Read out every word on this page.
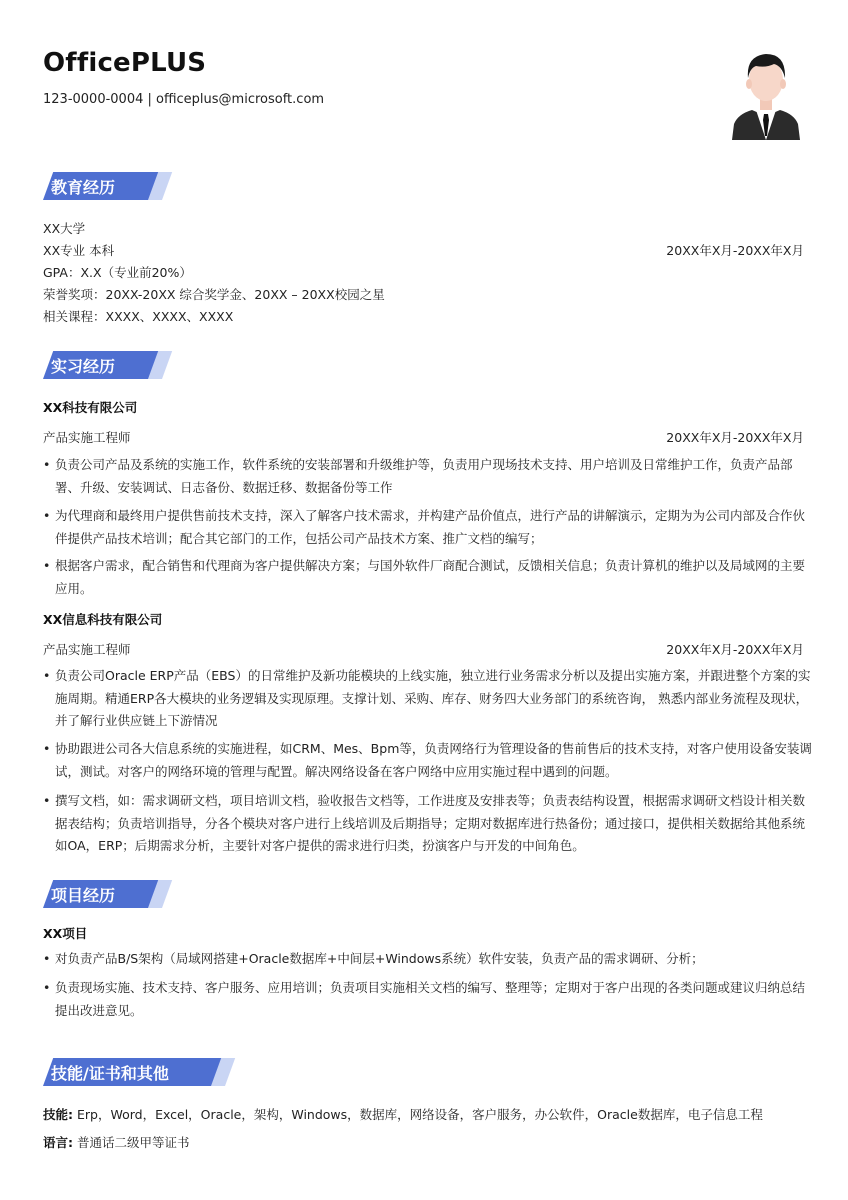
OfficePLUS
123-0000-0004 | officeplus@microsoft.com
教育经历
XX大学
XX专业 本科	20XX年X月-20XX年X月
GPA：X.X（专业前20%）
荣誉奖项：20XX-20XX 综合奖学金、20XX – 20XX校园之星
相关课程：XXXX、XXXX、XXXX
实习经历
XX科技有限公司
产品实施工程师	20XX年X月-20XX年X月
• 负责公司产品及系统的实施工作，软件系统的安装部署和升级维护等，负责用户现场技术支持、用户培训及日常维护工作，负责产品部署、升级、安装调试、日志备份、数据迁移、数据备份等工作
• 为代理商和最终用户提供售前技术支持，深入了解客户技术需求，并构建产品价值点，进行产品的讲解演示，定期为为公司内部及合作伙伴提供产品技术培训；配合其它部门的工作，包括公司产品技术方案、推广文档的编写；
• 根据客户需求，配合销售和代理商为客户提供解决方案；与国外软件厂商配合测试，反馈相关信息；负责计算机的维护以及局域网的主要应用。
XX信息科技有限公司
产品实施工程师	20XX年X月-20XX年X月
• 负责公司Oracle ERP产品（EBS）的日常维护及新功能模块的上线实施，独立进行业务需求分析以及提出实施方案，并跟进整个方案的实施周期。精通ERP各大模块的业务逻辑及实现原理。支撑计划、采购、库存、财务四大业务部门的系统咨询， 熟悉内部业务流程及现状，并了解行业供应链上下游情况
• 协助跟进公司各大信息系统的实施进程，如CRM、Mes、Bpm等，负责网络行为管理设备的售前售后的技术支持，对客户使用设备安装调试，测试。对客户的网络环境的管理与配置。解决网络设备在客户网络中应用实施过程中遇到的问题。
• 撰写文档，如：需求调研文档，项目培训文档，验收报告文档等，工作进度及安排表等；负责表结构设置，根据需求调研文档设计相关数据表结构；负责培训指导，分各个模块对客户进行上线培训及后期指导；定期对数据库进行热备份；通过接口，提供相关数据给其他系统如OA，ERP；后期需求分析，主要针对客户提供的需求进行归类，扮演客户与开发的中间角色。
项目经历
XX项目
• 对负责产品B/S架构（局域网搭建+Oracle数据库+中间层+Windows系统）软件安装，负责产品的需求调研、分析；
• 负责现场实施、技术支持、客户服务、应用培训；负责项目实施相关文档的编写、整理等；定期对于客户出现的各类问题或建议归纳总结提出改进意见。
技能/证书和其他
技能: Erp，Word，Excel，Oracle，架构，Windows，数据库，网络设备，客户服务，办公软件，Oracle数据库，电子信息工程
语言: 普通话二级甲等证书
